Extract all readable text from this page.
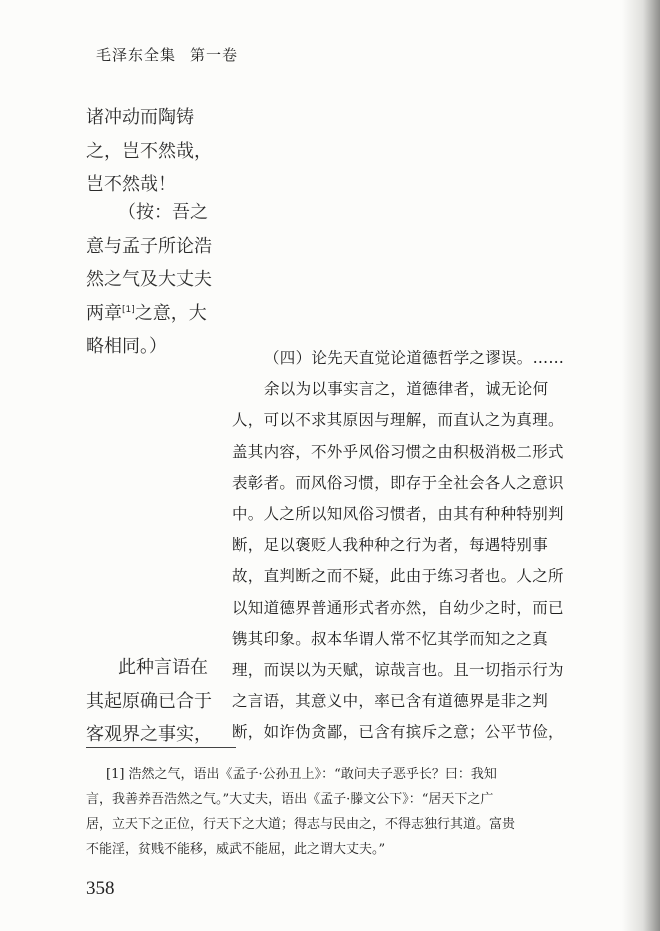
毛泽东全集 第一卷

诸冲动而陶铸

之，岂不然哉，

岂不然哉！

（按：吾之

意与孟子所论浩

然之气及大丈夫

两章[1]之意，大

略相同。）

（四）论先天直觉论道德哲学之谬误。……

余以为以事实言之，道德律者，诚无论何

人，可以不求其原因与理解，而直认之为真理。

盖其内容，不外乎风俗习惯之由积极消极二形式

表彰者。而风俗习惯，即存于全社会各人之意识

中。人之所以知风俗习惯者，由其有种种特别判

断，足以褒贬人我种种之行为者，每遇特别事

故，直判断之而不疑，此由于练习者也。人之所

以知道德界普通形式者亦然，自幼少之时，而已

镌其印象。叔本华谓人常不忆其学而知之之真

理，而误以为天赋，谅哉言也。且一切指示行为

之言语，其意义中，率已含有道德界是非之判

断，如诈伪贪鄙，已含有摈斥之意；公平节俭，

此种言语在

其起原确已合于

客观界之事实，

[1] 浩然之气，语出《孟子·公孙丑上》：“敢问夫子恶乎长？曰：我知

言，我善养吾浩然之气。”大丈夫，语出《孟子·滕文公下》：“居天下之广

居，立天下之正位，行天下之大道；得志与民由之，不得志独行其道。富贵

不能淫，贫贱不能移，威武不能屈，此之谓大丈夫。”

358
